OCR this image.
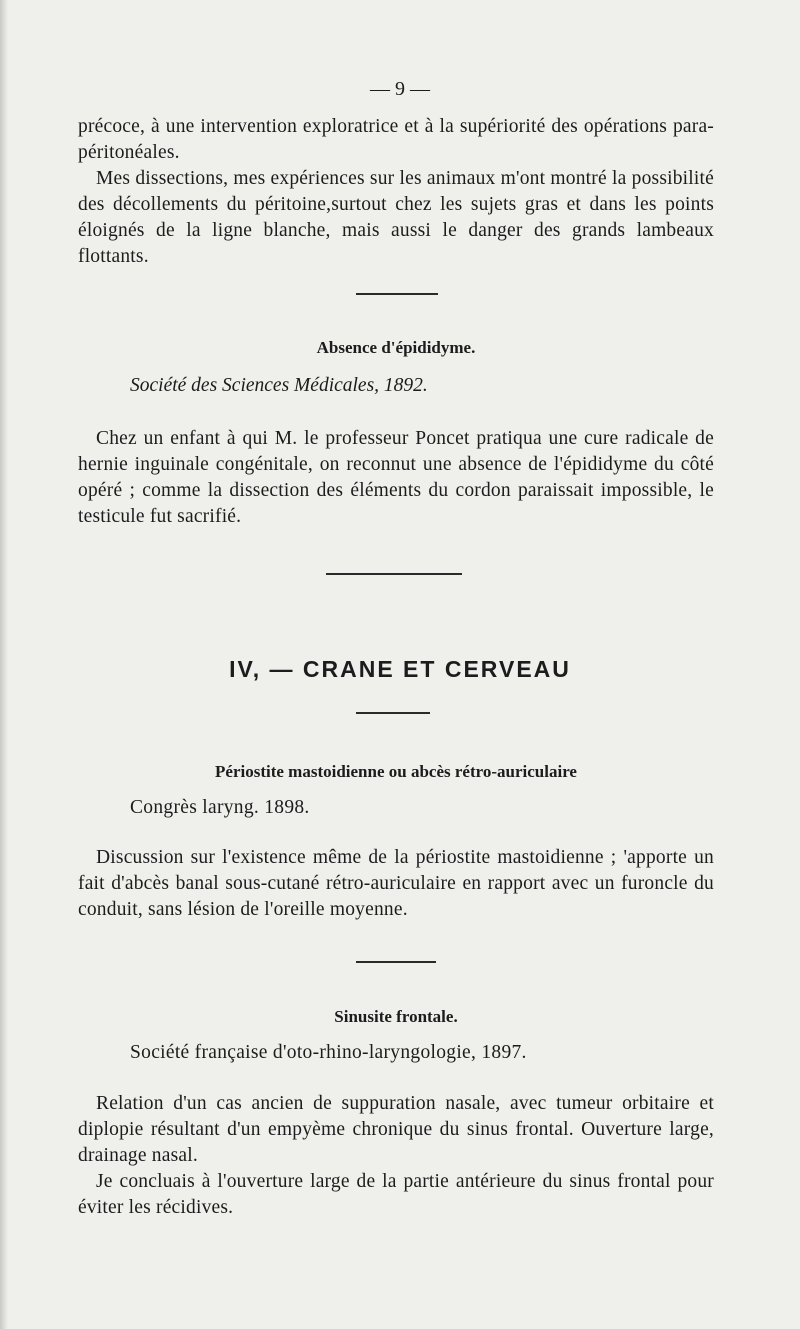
— 9 —

précoce, à une intervention exploratrice et à la supériorité des opérations para-péritonéales.

Mes dissections, mes expériences sur les animaux m'ont montré la possibilité des décollements du péritoine,surtout chez les sujets gras et dans les points éloignés de la ligne blanche, mais aussi le danger des grands lambeaux flottants.

Absence d'épididyme.

Société des Sciences Médicales, 1892.

Chez un enfant à qui M. le professeur Poncet pratiqua une cure radicale de hernie inguinale congénitale, on reconnut une absence de l'épididyme du côté opéré ; comme la dissection des éléments du cordon paraissait impossible, le testicule fut sacrifié.

IV, — CRANE ET CERVEAU

Périostite mastoidienne ou abcès rétro-auriculaire

Congrès laryng. 1898.

Discussion sur l'existence même de la périostite mastoidienne ; 'apporte un fait d'abcès banal sous-cutané rétro-auriculaire en rapport avec un furoncle du conduit, sans lésion de l'oreille moyenne.

Sinusite frontale.

Société française d'oto-rhino-laryngologie, 1897.

Relation d'un cas ancien de suppuration nasale, avec tumeur orbitaire et diplopie résultant d'un empyème chronique du sinus frontal. Ouverture large, drainage nasal.

Je concluais à l'ouverture large de la partie antérieure du sinus frontal pour éviter les récidives.
